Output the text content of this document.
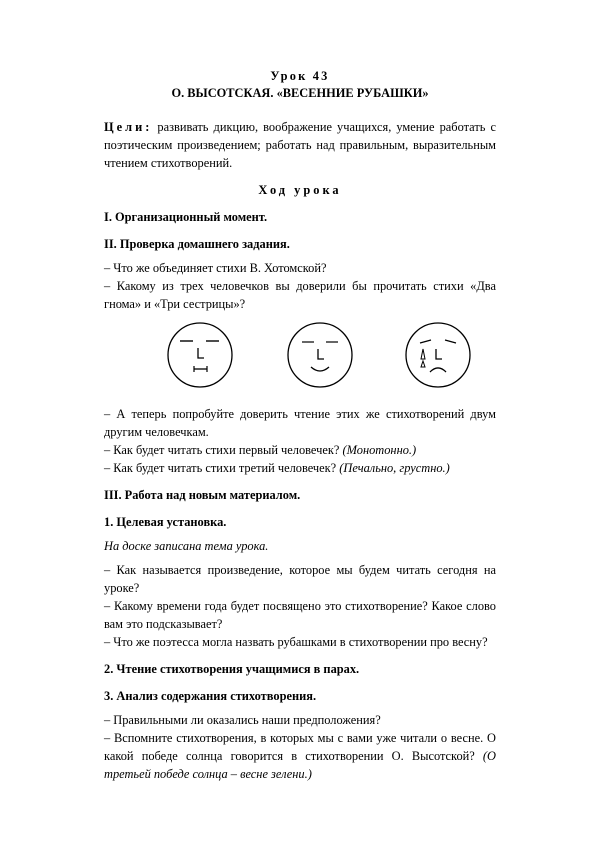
Урок 43
О. ВЫСОТСКАЯ. «ВЕСЕННИЕ РУБАШКИ»

Цели: развивать дикцию, воображение учащихся, умение работать с поэтическим произведением; работать над правильным, выразительным чтением стихотворений.

Ход урока
I. Организационный момент.
II. Проверка домашнего задания.

– Что же объединяет стихи В. Хотомской?

– Какому из трех человечков вы доверили бы прочитать стихи «Два гнома» и «Три сестрицы»?

– А теперь попробуйте доверить чтение этих же стихотворений двум другим человечкам.

– Как будет читать стихи первый человечек? (Монотонно.)

– Как будет читать стихи третий человечек? (Печально, грустно.)

III. Работа над новым материалом.
1. Целевая установка.

На доске записана тема урока.

– Как называется произведение, которое мы будем читать сегодня на уроке?

– Какому времени года будет посвящено это стихотворение? Какое слово вам это подсказывает?

– Что же поэтесса могла назвать рубашками в стихотворении про весну?

2. Чтение стихотворения учащимися в парах.
3. Анализ содержания стихотворения.

– Правильными ли оказались наши предположения?

– Вспомните стихотворения, в которых мы с вами уже читали о весне. О какой победе солнца говорится в стихотворении О. Высотской? (О третьей победе солнца – весне зелени.)
